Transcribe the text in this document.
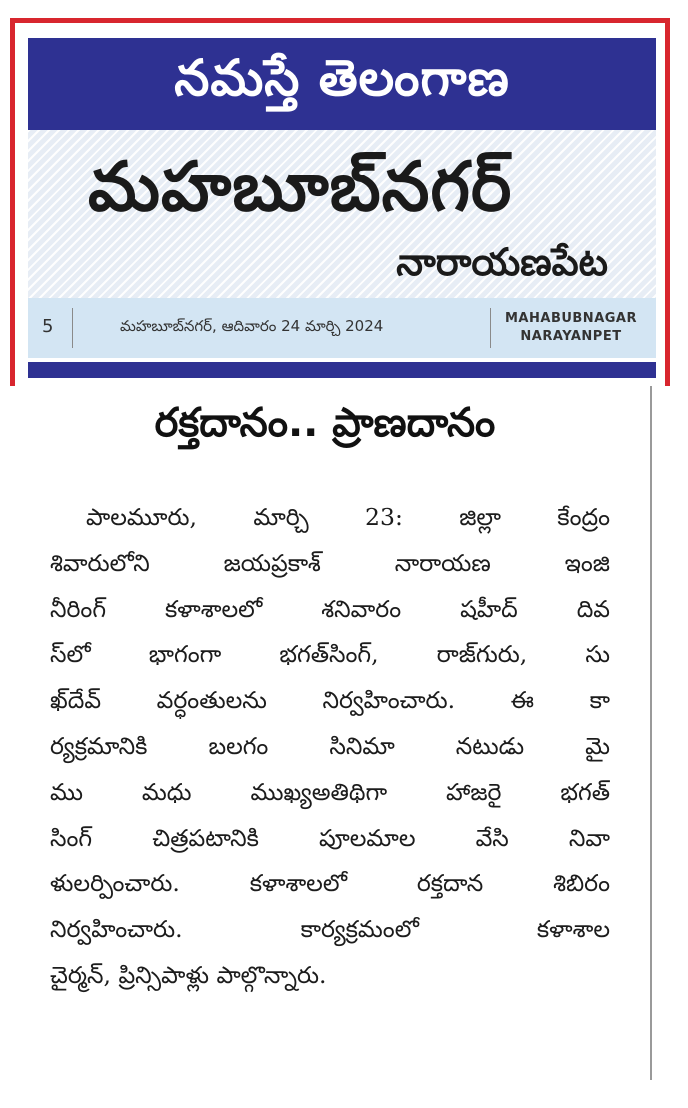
నమస్తే తెలంగాణ
మహబూబ్‌నగర్
నారాయణపేట
5	మహబూబ్‌నగర్, ఆదివారం 24 మార్చి 2024	MAHABUBNAGAR
NARAYANPET
రక్తదానం.. ప్రాణదానం
పాలమూరు, మార్చి 23: జిల్లా కేంద్రం
శివారులోని జయప్రకాశ్ నారాయణ ఇంజి
నీరింగ్ కళాశాలలో శనివారం షహీద్ దివ
స్‌లో భాగంగా భగత్‌సింగ్, రాజ్‌గురు, సు
ఖ్‌దేవ్ వర్ధంతులను నిర్వహించారు. ఈ కా
ర్యక్రమానికి బలగం సినిమా నటుడు మై
ము మధు ముఖ్యఅతిథిగా హాజరై భగత్
సింగ్ చిత్రపటానికి పూలమాల వేసి నివా
ళులర్పించారు. కళాశాలలో రక్తదాన శిబిరం
నిర్వహించారు. కార్యక్రమంలో కళాశాల
చైర్మన్, ప్రిన్సిపాళ్లు పాల్గొన్నారు.
